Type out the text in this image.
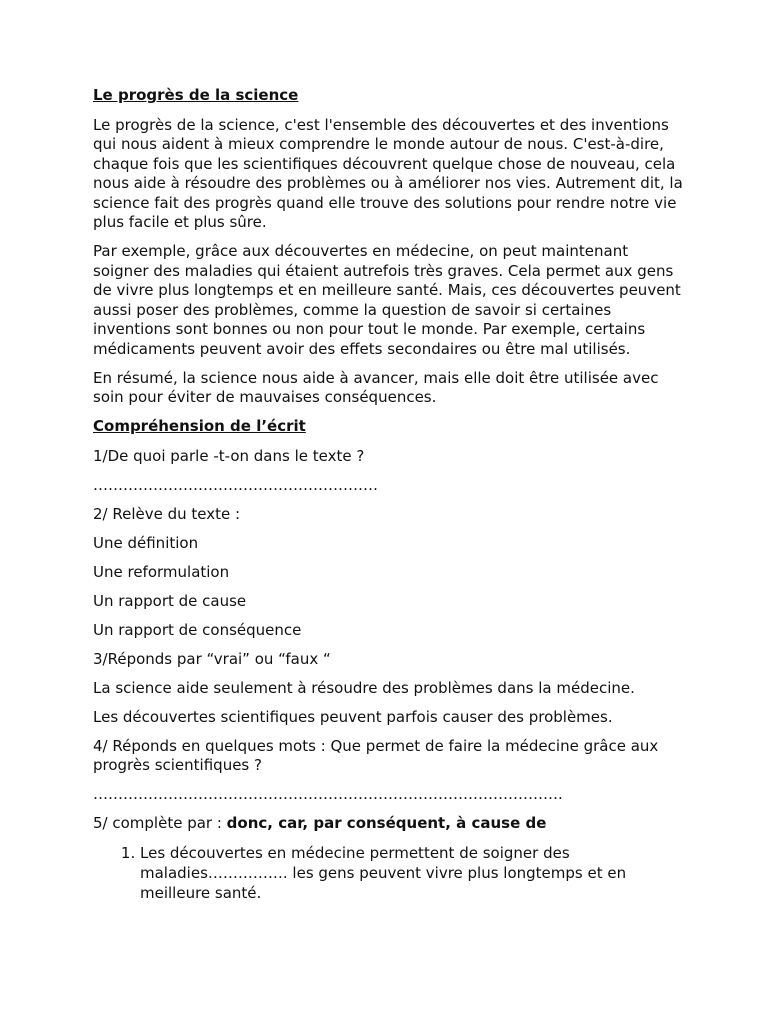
Le progrès de la science

Le progrès de la science, c'est l'ensemble des découvertes et des inventions qui nous aident à mieux comprendre le monde autour de nous. C'est-à-dire, chaque fois que les scientifiques découvrent quelque chose de nouveau, cela nous aide à résoudre des problèmes ou à améliorer nos vies. Autrement dit, la science fait des progrès quand elle trouve des solutions pour rendre notre vie plus facile et plus sûre.

Par exemple, grâce aux découvertes en médecine, on peut maintenant soigner des maladies qui étaient autrefois très graves. Cela permet aux gens de vivre plus longtemps et en meilleure santé. Mais, ces découvertes peuvent aussi poser des problèmes, comme la question de savoir si certaines inventions sont bonnes ou non pour tout le monde. Par exemple, certains médicaments peuvent avoir des effets secondaires ou être mal utilisés.

En résumé, la science nous aide à avancer, mais elle doit être utilisée avec soin pour éviter de mauvaises conséquences.

Compréhension de l’écrit

1/De quoi parle -t-on dans le texte ?

…………………………………………………

2/ Relève du texte :

Une définition

Une reformulation

Un rapport de cause

Un rapport de conséquence

3/Réponds par “vrai” ou “faux “

La science aide seulement à résoudre des problèmes dans la médecine.

Les découvertes scientifiques peuvent parfois causer des problèmes.

4/ Réponds en quelques mots : Que permet de faire la médecine grâce aux progrès scientifiques ?

………………………………………………………………………………….

5/ complète par : donc, car, par conséquent, à cause de

1. Les découvertes en médecine permettent de soigner des maladies……………. les gens peuvent vivre plus longtemps et en meilleure santé.
